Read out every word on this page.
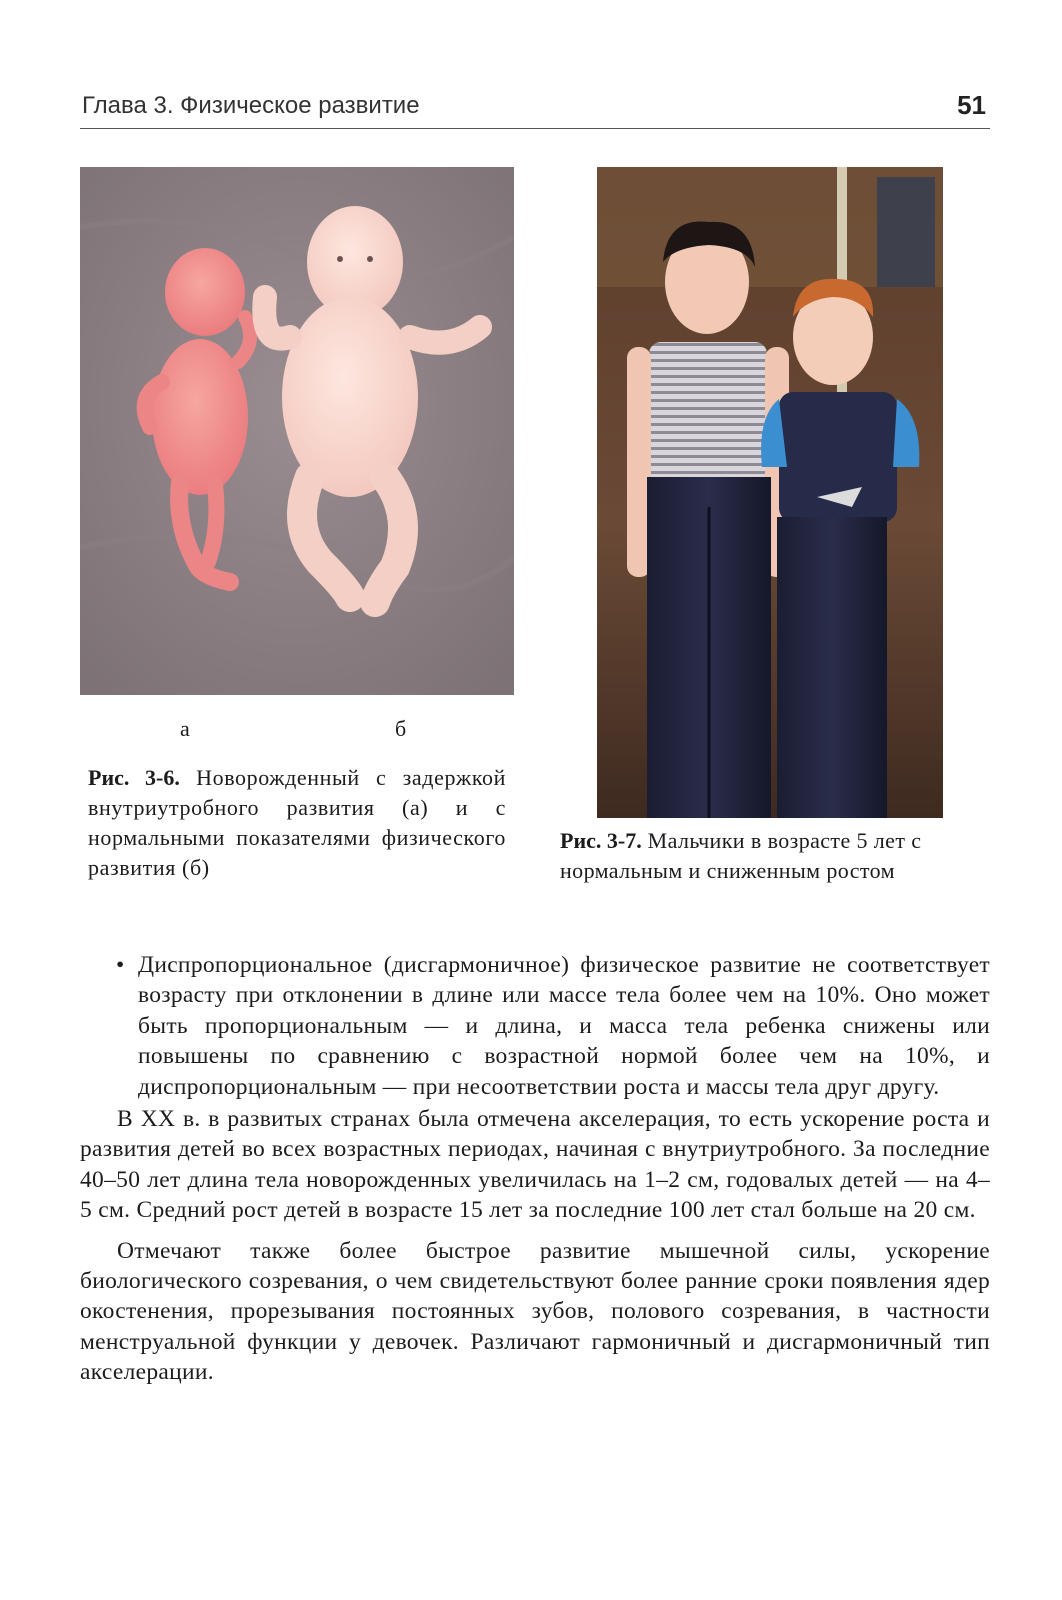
Глава 3. Физическое развитие	51
а	б
Рис. 3-6. Новорожденный с задержкой внутриутробного развития (а) и с нормальными показателями физического развития (б)
Рис. 3-7. Мальчики в возрасте 5 лет с нормальным и сниженным ростом
• Диспропорциональное (дисгармоничное) физическое развитие не соответствует возрасту при отклонении в длине или массе тела более чем на 10%. Оно может быть пропорциональным — и длина, и масса тела ребенка снижены или повышены по сравнению с возрастной нормой более чем на 10%, и диспропорциональным — при несоответствии роста и массы тела друг другу.

В XX в. в развитых странах была отмечена акселерация, то есть ускорение роста и развития детей во всех возрастных периодах, начиная с внутриутробного. За последние 40–50 лет длина тела новорожденных увеличилась на 1–2 см, годовалых детей — на 4–5 см. Средний рост детей в возрасте 15 лет за последние 100 лет стал больше на 20 см.

Отмечают также более быстрое развитие мышечной силы, ускорение биологического созревания, о чем свидетельствуют более ранние сроки появления ядер окостенения, прорезывания постоянных зубов, полового созревания, в частности менструальной функции у девочек. Различают гармоничный и дисгармоничный тип акселерации.
